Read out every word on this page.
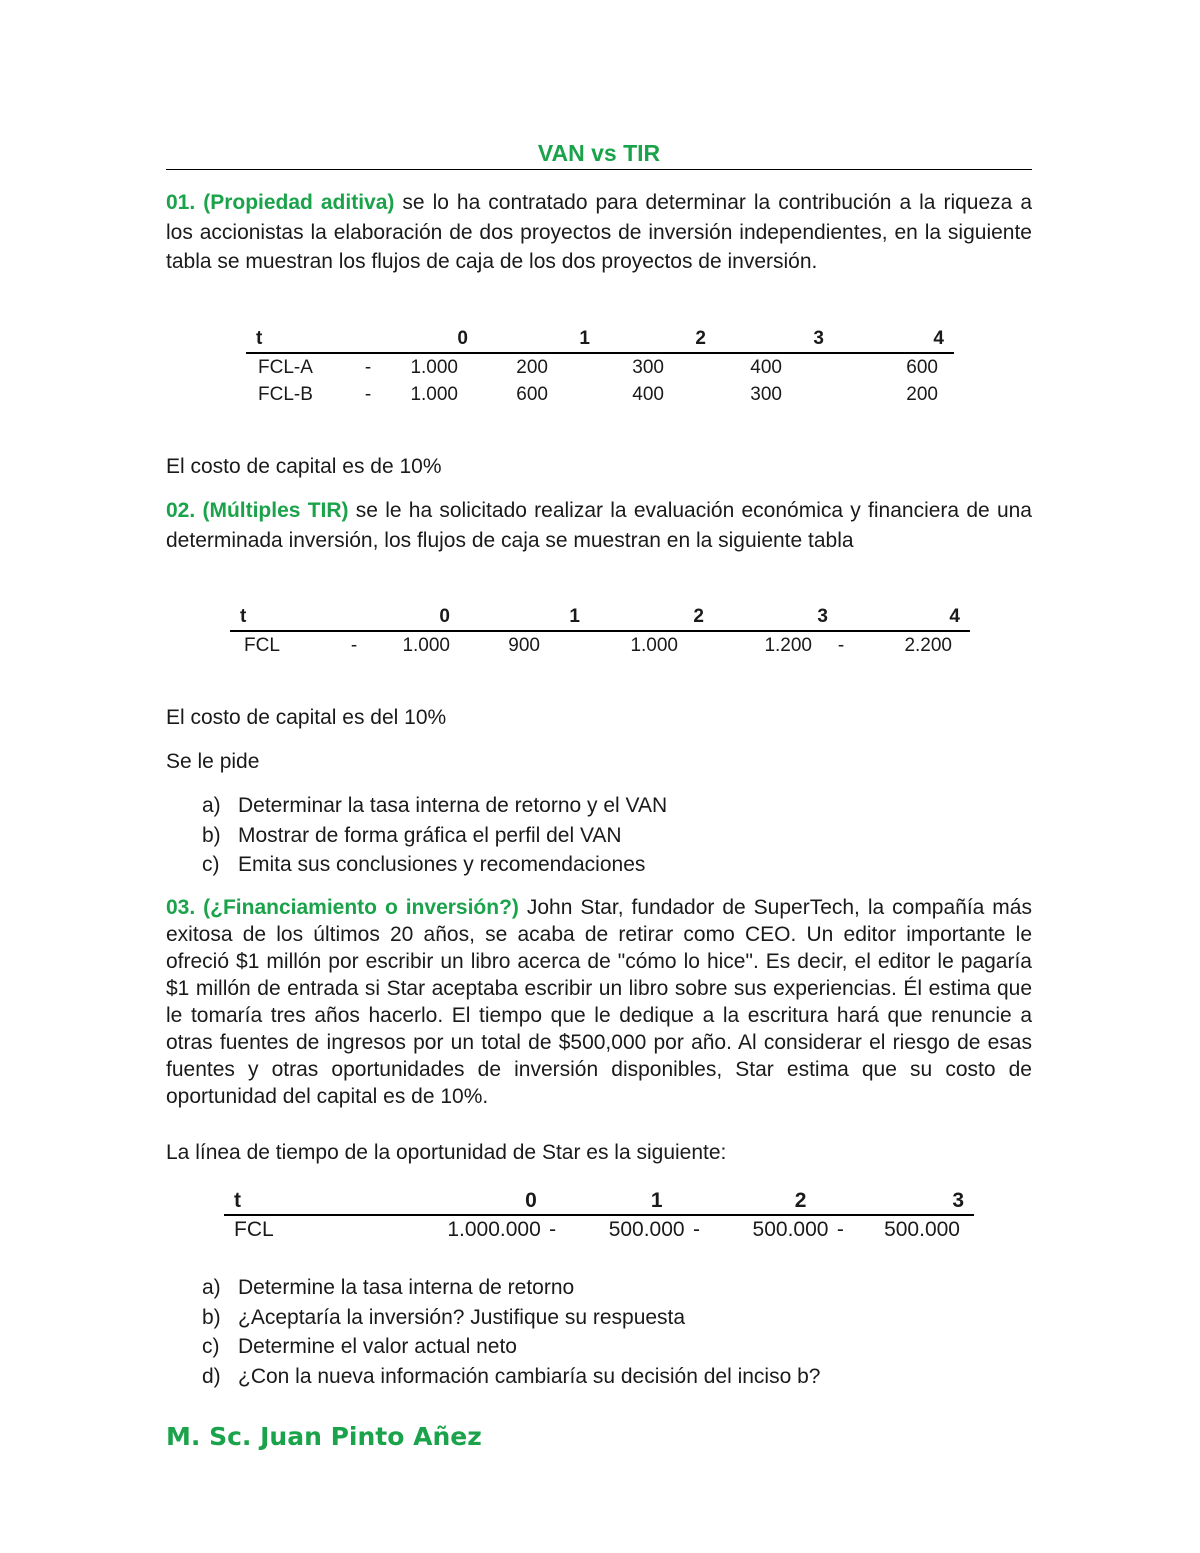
VAN vs TIR
01. (Propiedad aditiva) se lo ha contratado para determinar la contribución a la riqueza a los accionistas la elaboración de dos proyectos de inversión independientes, en la siguiente tabla se muestran los flujos de caja de los dos proyectos de inversión.
t		0	1	2	3	4
FCL-A	-	1.000	200	300	400	600
FCL-B	-	1.000	600	400	300	200
El costo de capital es de 10%
02. (Múltiples TIR) se le ha solicitado realizar la evaluación económica y financiera de una determinada inversión, los flujos de caja se muestran en la siguiente tabla
t		0	1	2	3		4
FCL	-	1.000	900	1.000	1.200	-	2.200
El costo de capital es del 10%
Se le pide
a) Determinar la tasa interna de retorno y el VAN
b) Mostrar de forma gráfica el perfil del VAN
c) Emita sus conclusiones y recomendaciones
03. (¿Financiamiento o inversión?) John Star, fundador de SuperTech, la compañía más exitosa de los últimos 20 años, se acaba de retirar como CEO. Un editor importante le ofreció $1 millón por escribir un libro acerca de "cómo lo hice". Es decir, el editor le pagaría $1 millón de entrada si Star aceptaba escribir un libro sobre sus experiencias. Él estima que le tomaría tres años hacerlo. El tiempo que le dedique a la escritura hará que renuncie a otras fuentes de ingresos por un total de $500,000 por año. Al considerar el riesgo de esas fuentes y otras oportunidades de inversión disponibles, Star estima que su costo de oportunidad del capital es de 10%.
La línea de tiempo de la oportunidad de Star es la siguiente:
t	0		1		2		3
FCL	1.000.000	-	500.000	-	500.000	-	500.000
a) Determine la tasa interna de retorno
b) ¿Aceptaría la inversión? Justifique su respuesta
c) Determine el valor actual neto
d) ¿Con la nueva información cambiaría su decisión del inciso b?
M. Sc. Juan Pinto Añez
